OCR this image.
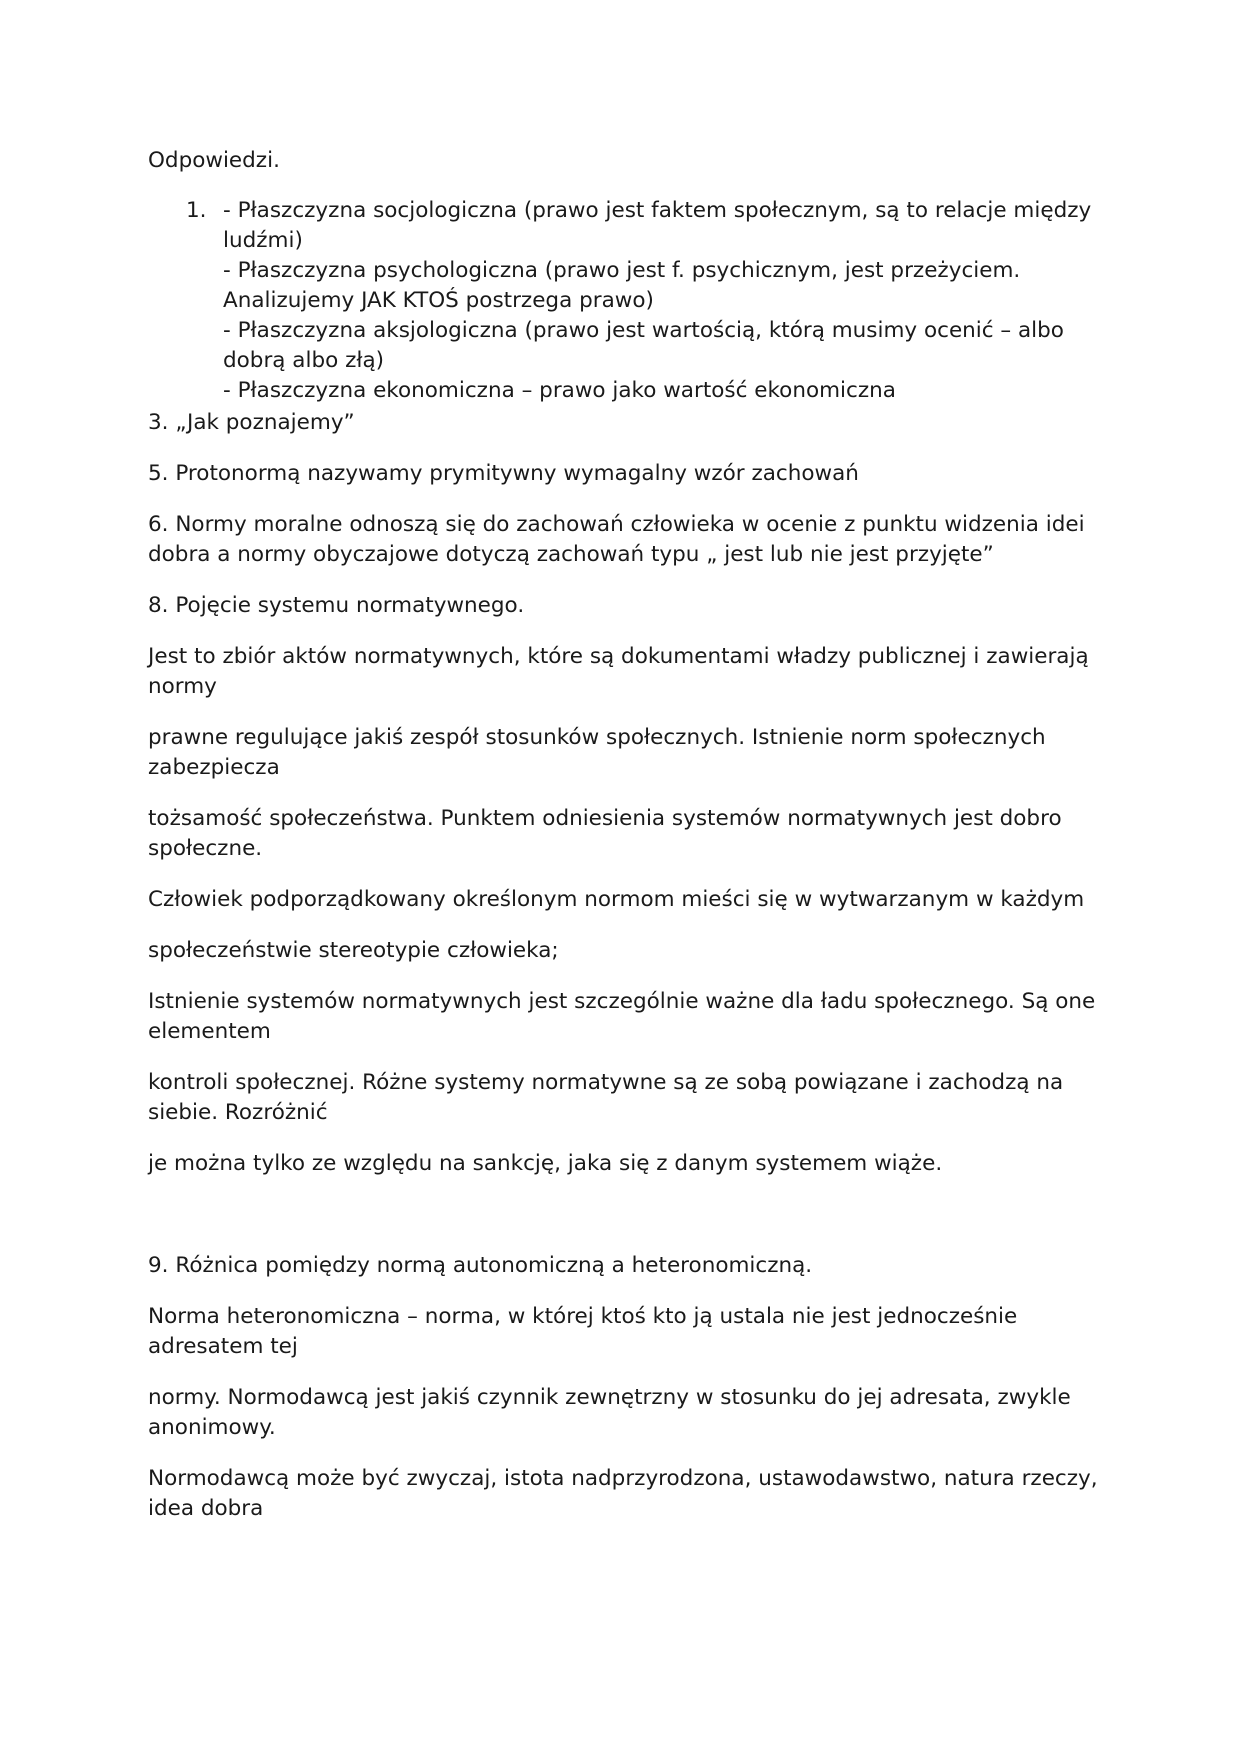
Odpowiedzi.

1. - Płaszczyzna socjologiczna (prawo jest faktem społecznym, są to relacje między ludźmi)

- Płaszczyzna psychologiczna (prawo jest f. psychicznym, jest przeżyciem. Analizujemy JAK KTOŚ postrzega prawo)

- Płaszczyzna aksjologiczna (prawo jest wartością, którą musimy ocenić – albo dobrą albo złą)

- Płaszczyzna ekonomiczna – prawo jako wartość ekonomiczna

3. „Jak poznajemy”

5. Protonormą nazywamy prymitywny wymagalny wzór zachowań

6. Normy moralne odnoszą się do zachowań człowieka w ocenie z punktu widzenia idei dobra a normy obyczajowe dotyczą zachowań typu „ jest lub nie jest przyjęte”

8. Pojęcie systemu normatywnego.

Jest to zbiór aktów normatywnych, które są dokumentami władzy publicznej i zawierają normy

prawne regulujące jakiś zespół stosunków społecznych. Istnienie norm społecznych zabezpiecza

tożsamość społeczeństwa. Punktem odniesienia systemów normatywnych jest dobro społeczne.

Człowiek podporządkowany określonym normom mieści się w wytwarzanym w każdym

społeczeństwie stereotypie człowieka;

Istnienie systemów normatywnych jest szczególnie ważne dla ładu społecznego. Są one elementem

kontroli społecznej. Różne systemy normatywne są ze sobą powiązane i zachodzą na siebie. Rozróżnić

je można tylko ze względu na sankcję, jaka się z danym systemem wiąże.

9. Różnica pomiędzy normą autonomiczną a heteronomiczną.

Norma heteronomiczna – norma, w której ktoś kto ją ustala nie jest jednocześnie adresatem tej

normy. Normodawcą jest jakiś czynnik zewnętrzny w stosunku do jej adresata, zwykle anonimowy.

Normodawcą może być zwyczaj, istota nadprzyrodzona, ustawodawstwo, natura rzeczy, idea dobra
